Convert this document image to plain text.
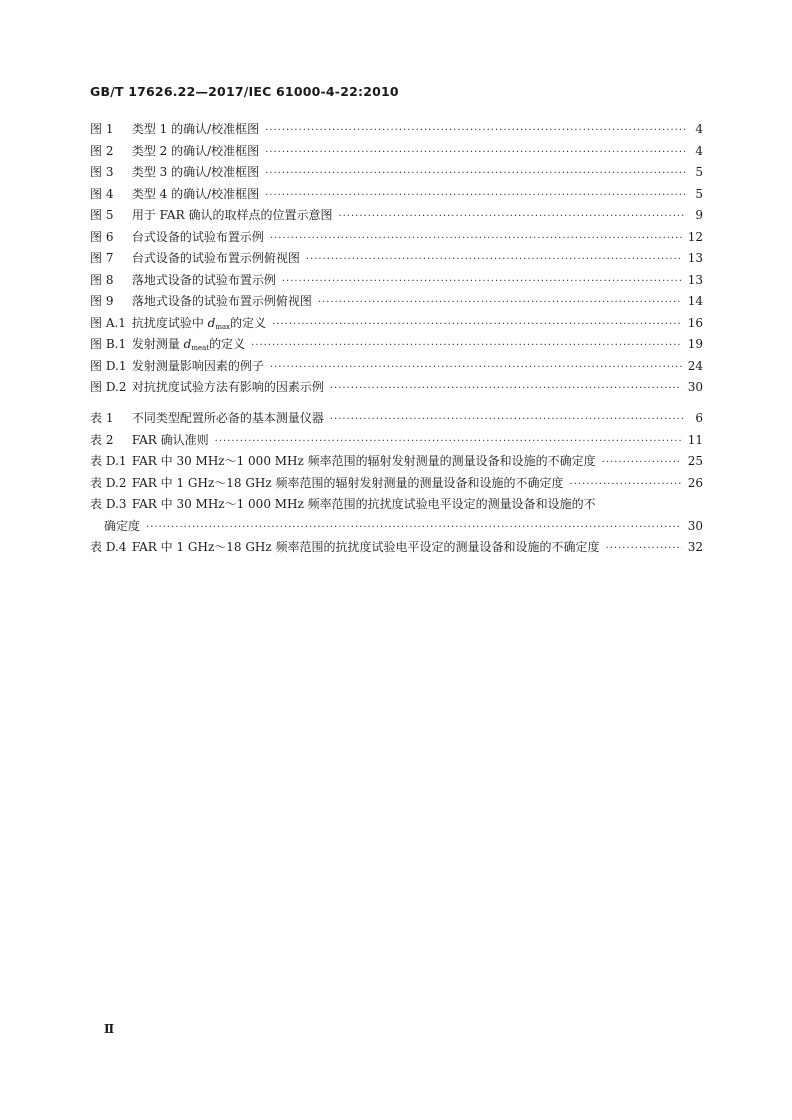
GB/T 17626.22—2017/IEC 61000-4-22:2010
图 1 类型 1 的确认/校准框图 ·····	4
图 2 类型 2 的确认/校准框图 ·····	4
图 3 类型 3 的确认/校准框图 ·····	5
图 4 类型 4 的确认/校准框图 ·····	5
图 5 用于 FAR 确认的取样点的位置示意图 ·····	9
图 6 台式设备的试验布置示例 ·····	12
图 7 台式设备的试验布置示例俯视图 ·····	13
图 8 落地式设备的试验布置示例 ·····	13
图 9 落地式设备的试验布置示例俯视图 ·····	14
图 A.1 抗扰度试验中 $d_{max}$的定义 ·····	16
图 B.1 发射测量 $d_{meat}$的定义 ·····	19
图 D.1 发射测量影响因素的例子 ·····	24
图 D.2 对抗扰度试验方法有影响的因素示例 ·····	30
表 1 不同类型配置所必备的基本测量仪器 ·····	6
表 2 FAR 确认准则 ·····	11
表 D.1 FAR 中 30 MHz～1 000 MHz 频率范围的辐射发射测量的测量设备和设施的不确定度 ·····	25
表 D.2 FAR 中 1 GHz～18 GHz 频率范围的辐射发射测量的测量设备和设施的不确定度 ·····	26
表 D.3 FAR 中 30 MHz～1 000 MHz 频率范围的抗扰度试验电平设定的测量设备和设施的不
确定度 ·····	30
表 D.4 FAR 中 1 GHz～18 GHz 频率范围的抗扰度试验电平设定的测量设备和设施的不确定度 ·····	32
Ⅱ
